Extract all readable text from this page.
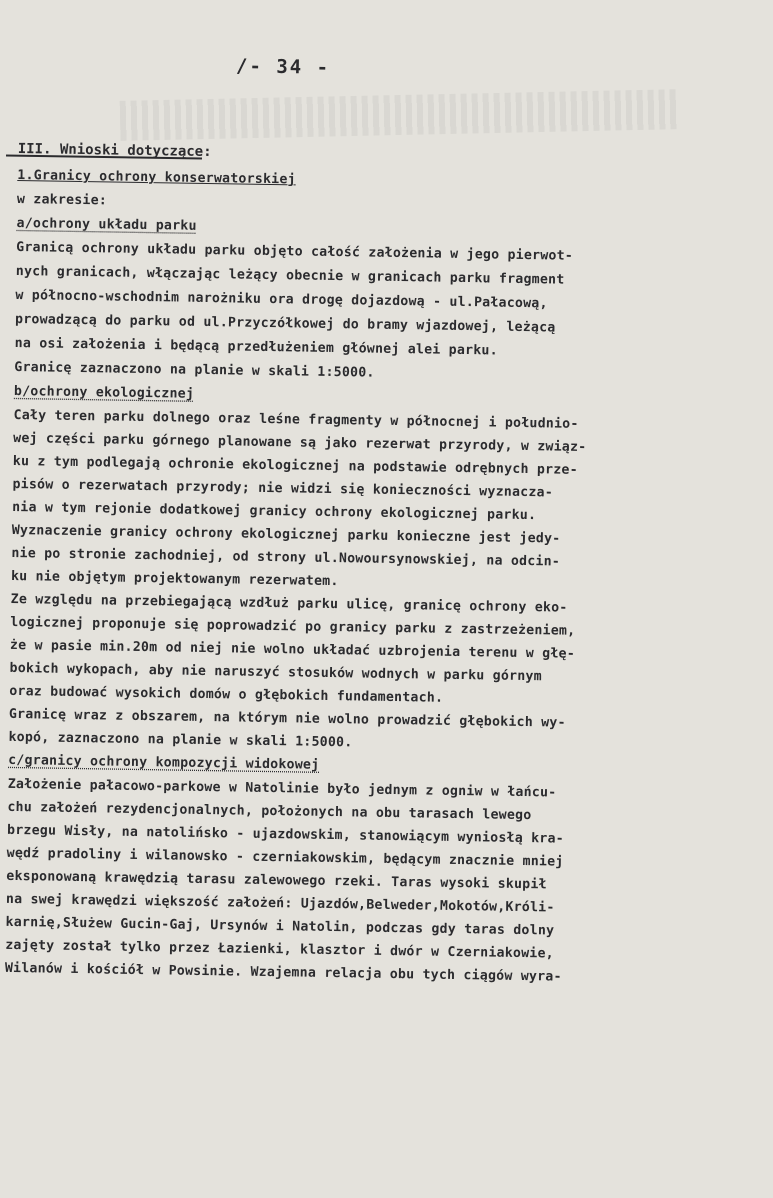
/- 34 -
III. Wnioski dotyczące:
1.Granicy ochrony konserwatorskiej
w zakresie:
a/ochrony układu parku
Granicą ochrony układu parku objęto całość założenia w jego pierwot-
nych granicach, włączając leżący obecnie w granicach parku fragment
w północno-wschodnim narożniku ora drogę dojazdową - ul.Pałacową,
prowadzącą do parku od ul.Przyczółkowej do bramy wjazdowej, leżącą
na osi założenia i będącą przedłużeniem głównej alei parku.
Granicę zaznaczono na planie w skali 1:5000.
b/ochrony ekologicznej
Cały teren parku dolnego oraz leśne fragmenty w północnej i południo-
wej części parku górnego planowane są jako rezerwat przyrody, w związ-
ku z tym podlegają ochronie ekologicznej na podstawie odrębnych prze-
pisów o rezerwatach przyrody; nie widzi się konieczności wyznacza-
nia w tym rejonie dodatkowej granicy ochrony ekologicznej parku.
Wyznaczenie granicy ochrony ekologicznej parku konieczne jest jedy-
nie po stronie zachodniej, od strony ul.Nowoursynowskiej, na odcin-
ku nie objętym projektowanym rezerwatem.
Ze względu na przebiegającą wzdłuż parku ulicę, granicę ochrony eko-
logicznej proponuje się poprowadzić po granicy parku z zastrzeżeniem,
że w pasie min.20m od niej nie wolno układać uzbrojenia terenu w głę-
bokich wykopach, aby nie naruszyć stosuków wodnych w parku górnym
oraz budować wysokich domów o głębokich fundamentach.
Granicę wraz z obszarem, na którym nie wolno prowadzić głębokich wy-
kopó, zaznaczono na planie w skali 1:5000.
c/granicy ochrony kompozycji widokowej
Założenie pałacowo-parkowe w Natolinie było jednym z ogniw w łańcu-
chu założeń rezydencjonalnych, położonych na obu tarasach lewego
brzegu Wisły, na natolińsko - ujazdowskim, stanowiącym wyniosłą kra-
wędź pradoliny i wilanowsko - czerniakowskim, będącym znacznie mniej
eksponowaną krawędzią tarasu zalewowego rzeki. Taras wysoki skupił
na swej krawędzi większość założeń: Ujazdów,Belweder,Mokotów,Króli-
karnię,Służew Gucin-Gaj, Ursynów i Natolin, podczas gdy taras dolny
zajęty został tylko przez Łazienki, klasztor i dwór w Czerniakowie,
Wilanów i kościół w Powsinie. Wzajemna relacja obu tych ciągów wyra-
